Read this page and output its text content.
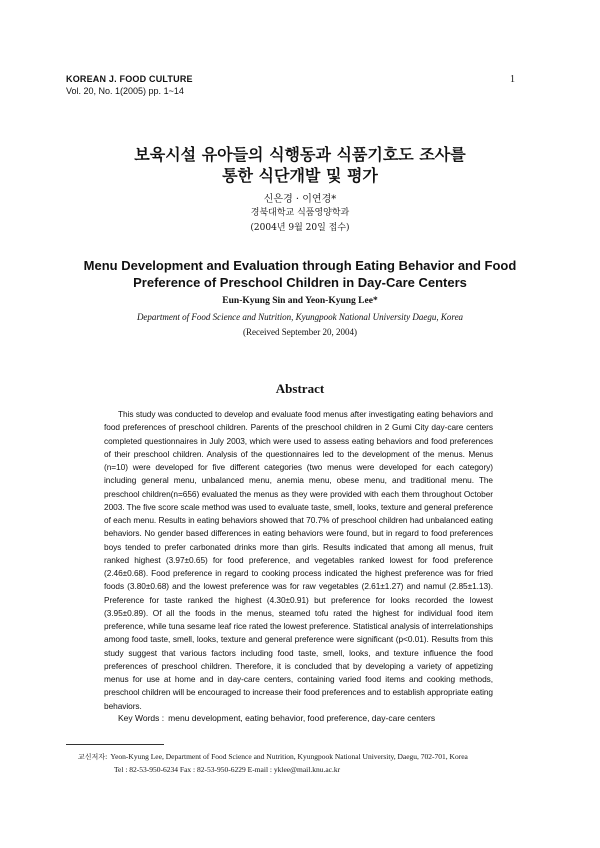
KOREAN J. FOOD CULTURE
Vol. 20, No. 1(2005) pp. 1~14
1
보육시설 유아들의 식행동과 식품기호도 조사를
통한 식단개발 및 평가
신은경 · 이연경*
경북대학교 식품영양학과
(2004년 9월 20일 접수)
Menu Development and Evaluation through Eating Behavior and Food
Preference of Preschool Children in Day-Care Centers
Eun-Kyung Sin and Yeon-Kyung Lee*
Department of Food Science and Nutrition, Kyungpook National University Daegu, Korea
(Received September 20, 2004)
Abstract

This study was conducted to develop and evaluate food menus after investigating eating behaviors and food preferences of preschool children. Parents of the preschool children in 2 Gumi City day-care centers completed questionnaires in July 2003, which were used to assess eating behaviors and food preferences of their preschool children. Analysis of the questionnaires led to the development of the menus. Menus (n=10) were developed for five different categories (two menus were developed for each category) including general menu, unbalanced menu, anemia menu, obese menu, and traditional menu. The preschool children(n=656) evaluated the menus as they were provided with each them throughout October 2003. The five score scale method was used to evaluate taste, smell, looks, texture and general preference of each menu. Results in eating behaviors showed that 70.7% of preschool children had unbalanced eating behaviors. No gender based differences in eating behaviors were found, but in regard to food preferences boys tended to prefer carbonated drinks more than girls. Results indicated that among all menus, fruit ranked highest (3.97±0.65) for food preference, and vegetables ranked lowest for food preference (2.46±0.68). Food preference in regard to cooking process indicated the highest preference was for fried foods (3.80±0.68) and the lowest preference was for raw vegetables (2.61±1.27) and namul (2.85±1.13). Preference for taste ranked the highest (4.30±0.91) but preference for looks recorded the lowest (3.95±0.89). Of all the foods in the menus, steamed tofu rated the highest for individual food item preference, while tuna sesame leaf rice rated the lowest preference. Statistical analysis of interrelationships among food taste, smell, looks, texture and general preference were significant (p<0.01). Results from this study suggest that various factors including food taste, smell, looks, and texture influence the food preferences of preschool children. Therefore, it is concluded that by developing a variety of appetizing menus for use at home and in day-care centers, containing varied food items and cooking methods, preschool children will be encouraged to increase their food preferences and to establish appropriate eating behaviors.

Key Words : menu development, eating behavior, food preference, day-care centers
교신저자: Yeon-Kyung Lee, Department of Food Science and Nutrition, Kyungpook National University, Daegu, 702-701, Korea
Tel : 82-53-950-6234 Fax : 82-53-950-6229 E-mail : yklee@mail.knu.ac.kr
